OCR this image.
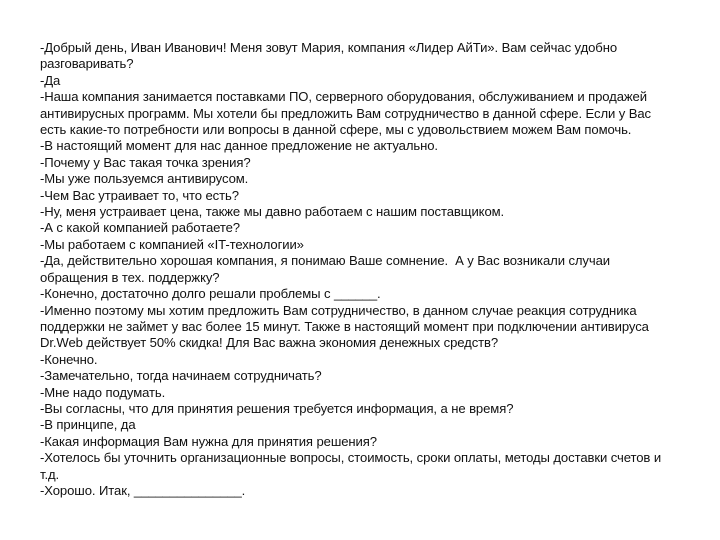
-Добрый день, Иван Иванович! Меня зовут Мария, компания «Лидер АйТи». Вам сейчас удобно разговаривать?

-Да

-Наша компания занимается поставками ПО, серверного оборудования, обслуживанием и продажей антивирусных программ. Мы хотели бы предложить Вам сотрудничество в данной сфере. Если у Вас есть какие-то потребности или вопросы в данной сфере, мы с удовольствием можем Вам помочь.

-В настоящий момент для нас данное предложение не актуально.

-Почему у Вас такая точка зрения?

-Мы уже пользуемся антивирусом.

-Чем Вас утраивает то, что есть?

-Ну, меня устраивает цена, также мы давно работаем с нашим поставщиком.

-А с какой компанией работаете?

-Мы работаем с компанией «IT-технологии»

-Да, действительно хорошая компания, я понимаю Ваше сомнение.  А у Вас возникали случаи обращения в тех. поддержку?

-Конечно, достаточно долго решали проблемы с ______.

-Именно поэтому мы хотим предложить Вам сотрудничество, в данном случае реакция сотрудника поддержки не займет у вас более 15 минут. Также в настоящий момент при подключении антивируса Dr.Web действует 50% скидка! Для Вас важна экономия денежных средств?

-Конечно.

-Замечательно, тогда начинаем сотрудничать?

-Мне надо подумать.

-Вы согласны, что для принятия решения требуется информация, а не время?

-В принципе, да

-Какая информация Вам нужна для принятия решения?

-Хотелось бы уточнить организационные вопросы, стоимость, сроки оплаты, методы доставки счетов и т.д.

-Хорошо. Итак, _______________.
